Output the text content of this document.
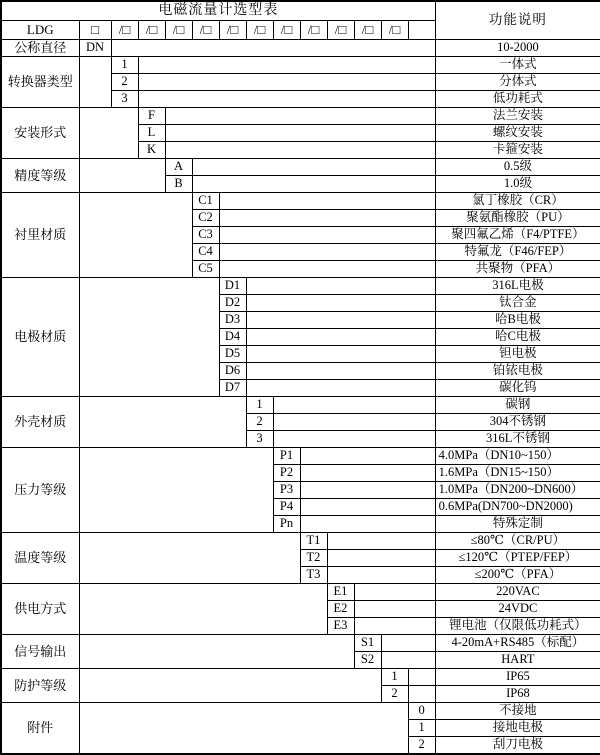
电磁流量计选型表														功能说明
LDG	□	/□	/□	/□	/□	/□	/□	/□	/□	/□	/□	/□		
公称直径	DN													10-2000
转换器类型		1												一体式
		2												分体式
		3												低功耗式
安装形式			F											法兰安装
			L											螺纹安装
			K											卡箍安装
精度等级				A										0.5级
				B										1.0级
衬里材质					C1									氯丁橡胶（CR）
					C2									聚氨酯橡胶（PU）
					C3									聚四氟乙烯（F4/PTFE）
					C4									特氟龙（F46/FEP）
					C5									共聚物（PFA）
电极材质						D1								316L电极
						D2								钛合金
						D3								哈B电极
						D4								哈C电极
						D5								钽电极
						D6								铂铱电极
						D7								碳化钨
外壳材质							1							碳钢
							2							304不锈钢
							3							316L不锈钢
压力等级								P1						4.0MPa（DN10~150）
								P2						1.6MPa（DN15~150）
								P3						1.0MPa（DN200~DN600）
								P4						0.6MPa(DN700~DN2000)
								Pn						特殊定制
温度等级									T1					≤80℃（CR/PU）
									T2					≤120℃（PTEP/FEP）
									T3					≤200℃（PFA）
供电方式										E1				220VAC
										E2				24VDC
										E3				锂电池（仅限低功耗式）
信号输出											S1			4-20mA+RS485（标配）
											S2			HART
防护等级												1		IP65
												2		IP68
附件													0	不接地
													1	接地电极
													2	刮刀电极
